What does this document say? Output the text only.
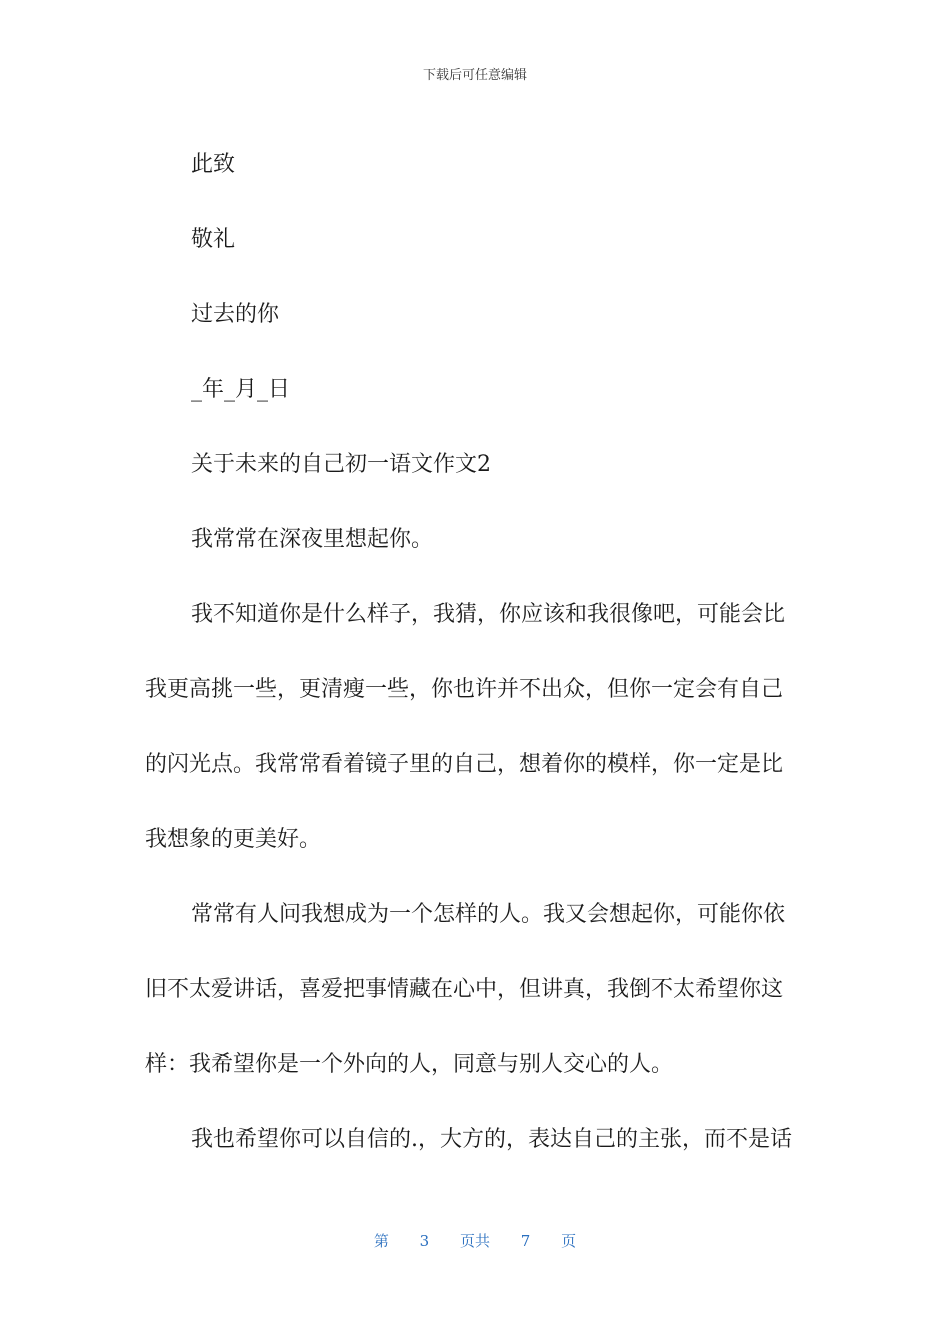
下载后可任意编辑

此致

敬礼

过去的你

_年_月_日

关于未来的自己初一语文作文2

我常常在深夜里想起你。

我不知道你是什么样子，我猜，你应该和我很像吧，可能会比

我更高挑一些，更清瘦一些，你也许并不出众，但你一定会有自己

的闪光点。我常常看着镜子里的自己，想着你的模样，你一定是比

我想象的更美好。

常常有人问我想成为一个怎样的人。我又会想起你，可能你依

旧不太爱讲话，喜爱把事情藏在心中，但讲真，我倒不太希望你这

样：我希望你是一个外向的人，同意与别人交心的人。

我也希望你可以自信的.，大方的，表达自己的主张，而不是话

第 3 页共 7 页
